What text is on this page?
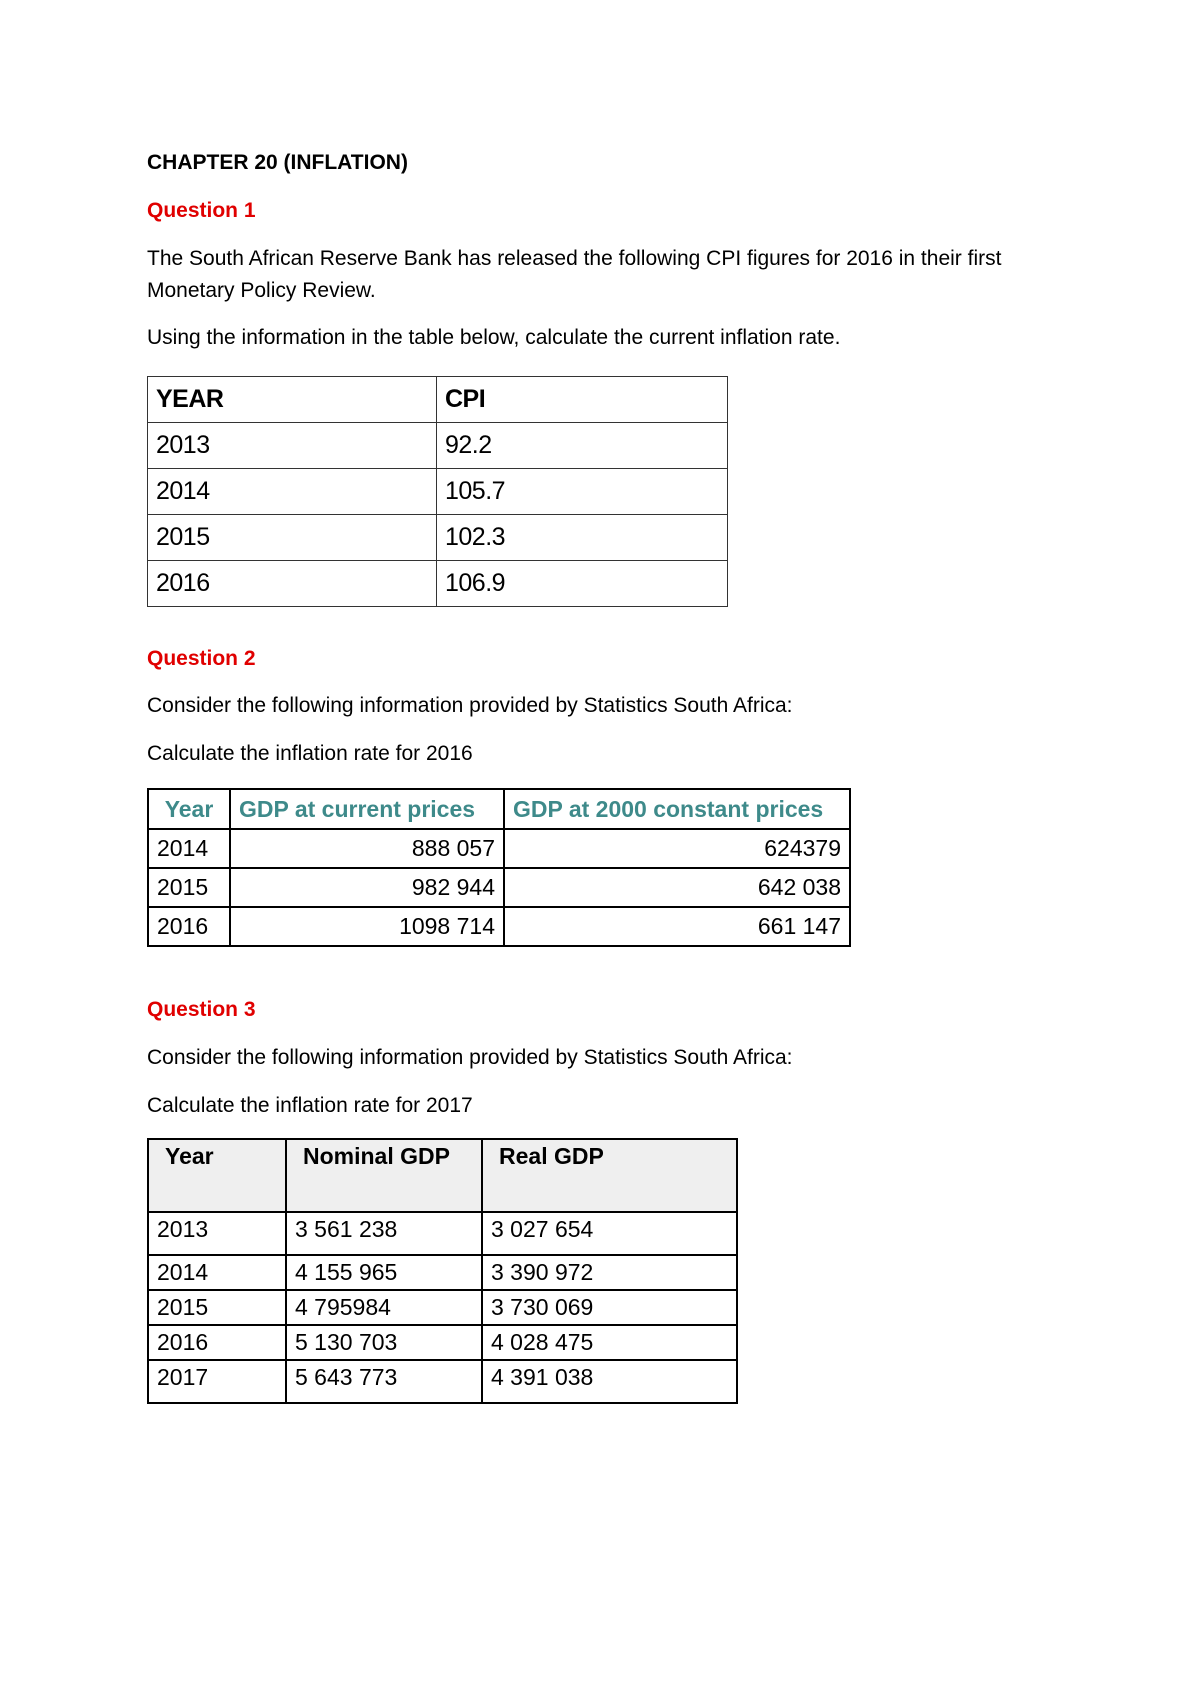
CHAPTER 20 (INFLATION)
Question 1
The South African Reserve Bank has released the following CPI figures for 2016 in their first Monetary Policy Review.
Using the information in the table below, calculate the current inflation rate.
YEAR	CPI
2013	92.2
2014	105.7
2015	102.3
2016	106.9
Question 2
Consider the following information provided by Statistics South Africa:
Calculate the inflation rate for 2016
Year	GDP at current prices	GDP at 2000 constant prices
2014	888 057	624379
2015	982 944	642 038
2016	1098 714	661 147
Question 3
Consider the following information provided by Statistics South Africa:
Calculate the inflation rate for 2017
Year	Nominal GDP	Real GDP
2013	3 561 238	3 027 654
2014	4 155 965	3 390 972
2015	4 795984	3 730 069
2016	5 130 703	4 028 475
2017	5 643 773	4 391 038
